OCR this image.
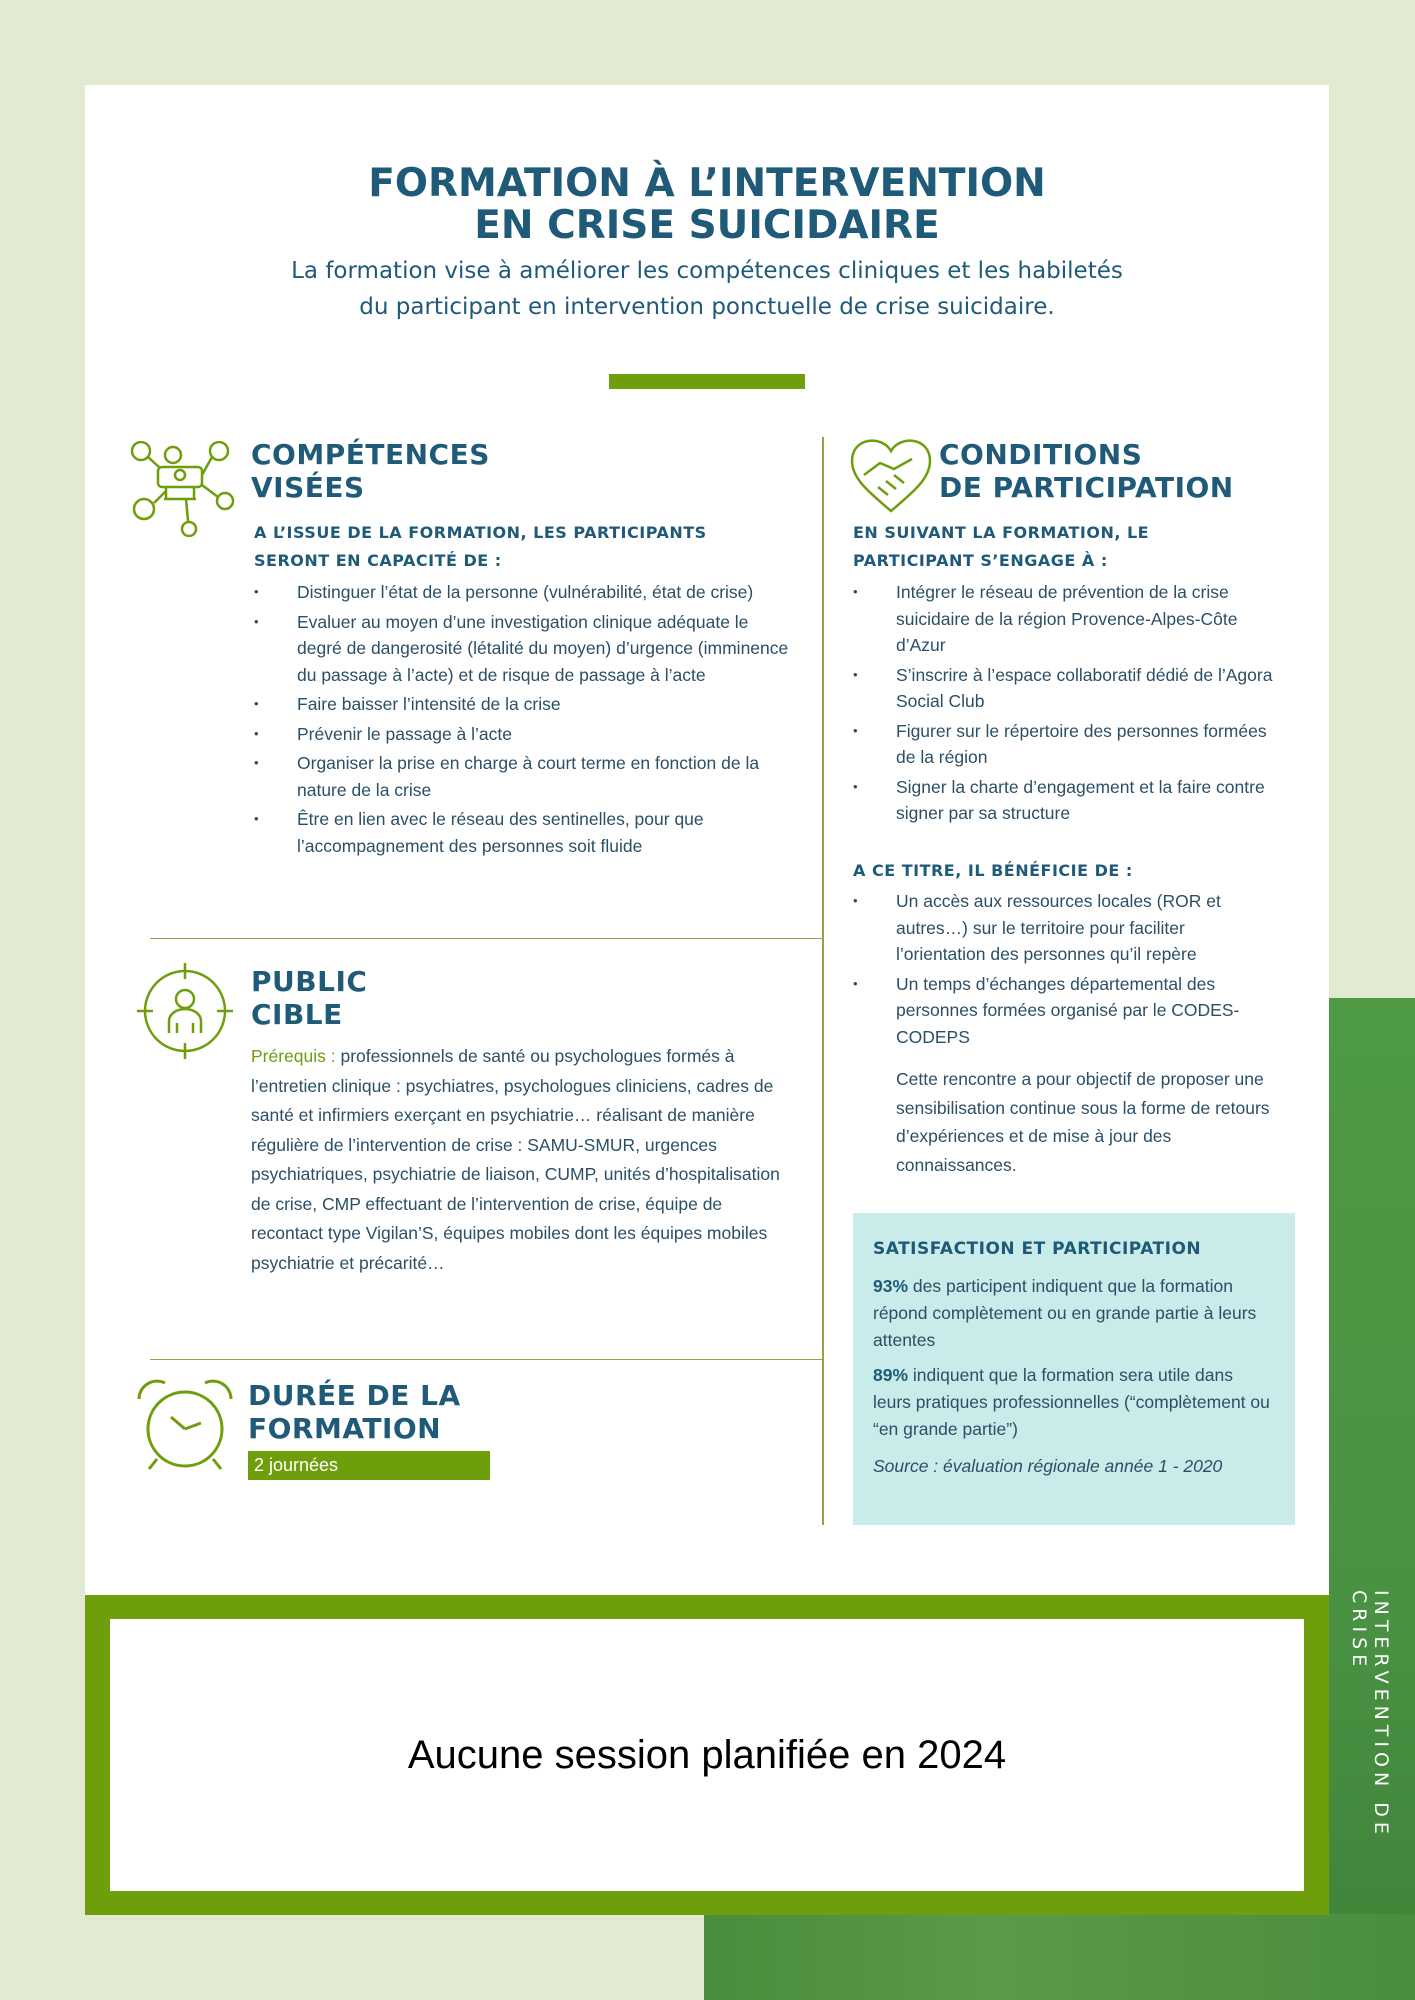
INTERVENTION DE CRISE
FORMATION À L’INTERVENTION
EN CRISE SUICIDAIRE
La formation vise à améliorer les compétences cliniques et les habiletés
du participant en intervention ponctuelle de crise suicidaire.
COMPÉTENCES
VISÉES
A L’ISSUE DE LA FORMATION, LES PARTICIPANTS
SERONT EN CAPACITÉ DE :
• Distinguer l’état de la personne (vulnérabilité, état de crise)
• Evaluer au moyen d’une investigation clinique adéquate le degré de dangerosité (létalité du moyen) d’urgence (imminence du passage à l’acte) et de risque de passage à l’acte
• Faire baisser l’intensité de la crise
• Prévenir le passage à l’acte
• Organiser la prise en charge à court terme en fonction de la nature de la crise
• Être en lien avec le réseau des sentinelles, pour que l’accompagnement des personnes soit fluide
PUBLIC
CIBLE
Prérequis : professionnels de santé ou psychologues formés à l’entretien clinique : psychiatres, psychologues cliniciens, cadres de santé et infirmiers exerçant en psychiatrie… réalisant de manière régulière de l’intervention de crise : SAMU-SMUR, urgences psychiatriques, psychiatrie de liaison, CUMP, unités d’hospitalisation de crise, CMP effectuant de l’intervention de crise, équipe de recontact type Vigilan’S, équipes mobiles dont les équipes mobiles psychiatrie et précarité…
DURÉE DE LA
FORMATION
2 journées
CONDITIONS
DE PARTICIPATION
EN SUIVANT LA FORMATION, LE
PARTICIPANT S’ENGAGE À :
• Intégrer le réseau de prévention de la crise suicidaire de la région Provence-Alpes-Côte d’Azur
• S’inscrire à l’espace collaboratif dédié de l’Agora Social Club
• Figurer sur le répertoire des personnes formées de la région
• Signer la charte d’engagement et la faire contre signer par sa structure
A CE TITRE, IL BÉNÉFICIE DE :
• Un accès aux ressources locales (ROR et autres…) sur le territoire pour faciliter l’orientation des personnes qu’il repère
• Un temps d’échanges départemental des personnes formées organisé par le CODES-CODEPS
Cette rencontre a pour objectif de proposer une sensibilisation continue sous la forme de retours d’expériences et de mise à jour des connaissances.
SATISFACTION ET PARTICIPATION

93% des participent indiquent que la formation répond complètement ou en grande partie à leurs attentes

89% indiquent que la formation sera utile dans leurs pratiques professionnelles (“complètement ou “en grande partie”)

Source : évaluation régionale année 1 - 2020

Aucune session planifiée en 2024
